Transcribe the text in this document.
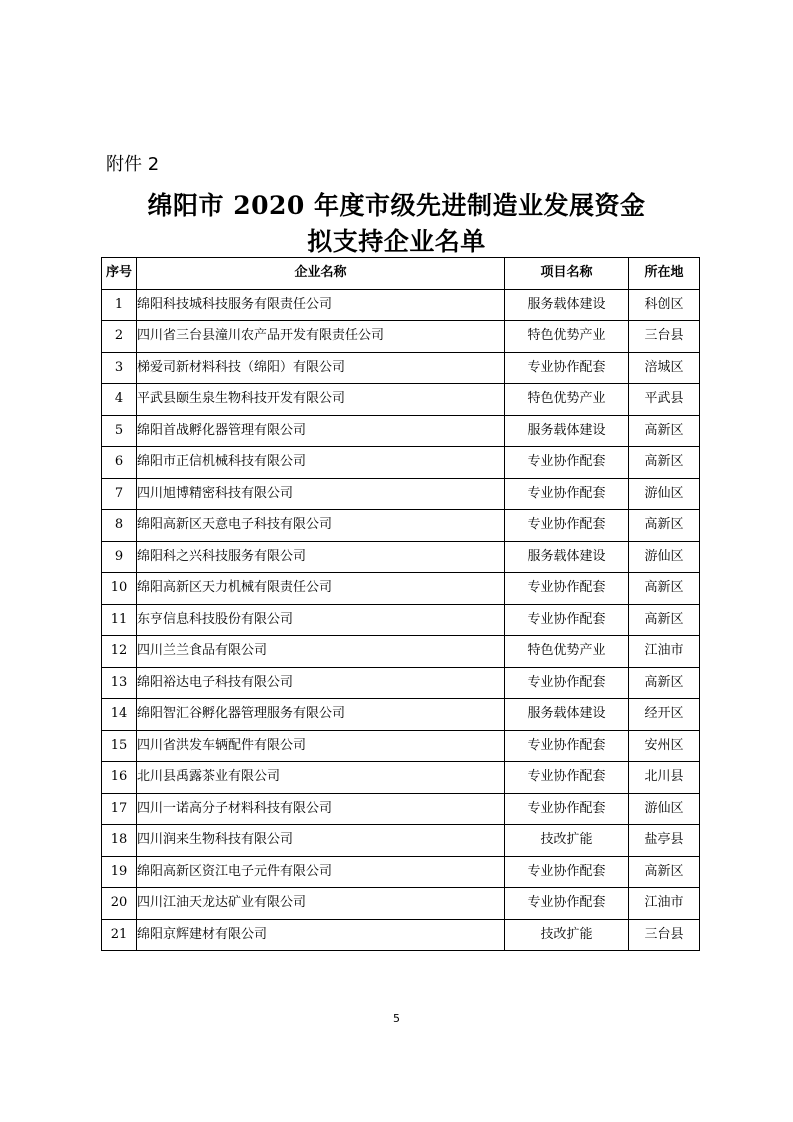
附件 2
绵阳市 2020 年度市级先进制造业发展资金
拟支持企业名单
序号	企业名称	项目名称	所在地
1	绵阳科技城科技服务有限责任公司	服务载体建设	科创区
2	四川省三台县潼川农产品开发有限责任公司	特色优势产业	三台县
3	梯爱司新材料科技（绵阳）有限公司	专业协作配套	涪城区
4	平武县颐生泉生物科技开发有限公司	特色优势产业	平武县
5	绵阳首战孵化器管理有限公司	服务载体建设	高新区
6	绵阳市正信机械科技有限公司	专业协作配套	高新区
7	四川旭博精密科技有限公司	专业协作配套	游仙区
8	绵阳高新区天意电子科技有限公司	专业协作配套	高新区
9	绵阳科之兴科技服务有限公司	服务载体建设	游仙区
10	绵阳高新区天力机械有限责任公司	专业协作配套	高新区
11	东亨信息科技股份有限公司	专业协作配套	高新区
12	四川兰兰食品有限公司	特色优势产业	江油市
13	绵阳裕达电子科技有限公司	专业协作配套	高新区
14	绵阳智汇谷孵化器管理服务有限公司	服务载体建设	经开区
15	四川省洪发车辆配件有限公司	专业协作配套	安州区
16	北川县禹露茶业有限公司	专业协作配套	北川县
17	四川一诺高分子材料科技有限公司	专业协作配套	游仙区
18	四川润来生物科技有限公司	技改扩能	盐亭县
19	绵阳高新区资江电子元件有限公司	专业协作配套	高新区
20	四川江油天龙达矿业有限公司	专业协作配套	江油市
21	绵阳京辉建材有限公司	技改扩能	三台县
5
